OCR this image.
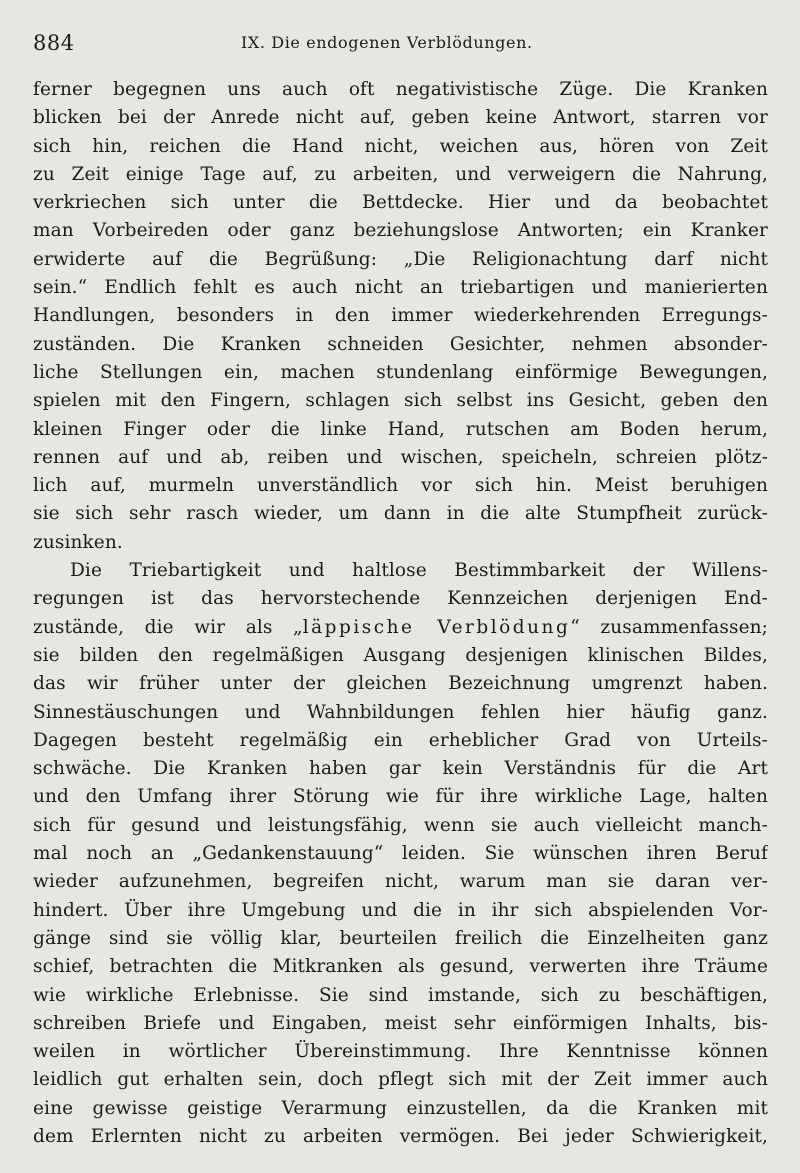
884	IX. Die endogenen Verblödungen.
ferner begegnen uns auch oft negativistische Züge. Die Kranken
blicken bei der Anrede nicht auf, geben keine Antwort, starren vor
sich hin, reichen die Hand nicht, weichen aus, hören von Zeit
zu Zeit einige Tage auf, zu arbeiten, und verweigern die Nahrung,
verkriechen sich unter die Bettdecke. Hier und da beobachtet
man Vorbeireden oder ganz beziehungslose Antworten; ein Kranker
erwiderte auf die Begrüßung: „Die Religionachtung darf nicht
sein.“ Endlich fehlt es auch nicht an triebartigen und manierierten
Handlungen, besonders in den immer wiederkehrenden Erregungs-
zuständen. Die Kranken schneiden Gesichter, nehmen absonder-
liche Stellungen ein, machen stundenlang einförmige Bewegungen,
spielen mit den Fingern, schlagen sich selbst ins Gesicht, geben den
kleinen Finger oder die linke Hand, rutschen am Boden herum,
rennen auf und ab, reiben und wischen, speicheln, schreien plötz-
lich auf, murmeln unverständlich vor sich hin. Meist beruhigen
sie sich sehr rasch wieder, um dann in die alte Stumpfheit zurück-
zusinken.
Die Triebartigkeit und haltlose Bestimmbarkeit der Willens-
regungen ist das hervorstechende Kennzeichen derjenigen End-
zustände, die wir als „läppische Verblödung“ zusammenfassen;
sie bilden den regelmäßigen Ausgang desjenigen klinischen Bildes,
das wir früher unter der gleichen Bezeichnung umgrenzt haben.
Sinnestäuschungen und Wahnbildungen fehlen hier häufig ganz.
Dagegen besteht regelmäßig ein erheblicher Grad von Urteils-
schwäche. Die Kranken haben gar kein Verständnis für die Art
und den Umfang ihrer Störung wie für ihre wirkliche Lage, halten
sich für gesund und leistungsfähig, wenn sie auch vielleicht manch-
mal noch an „Gedankenstauung“ leiden. Sie wünschen ihren Beruf
wieder aufzunehmen, begreifen nicht, warum man sie daran ver-
hindert. Über ihre Umgebung und die in ihr sich abspielenden Vor-
gänge sind sie völlig klar, beurteilen freilich die Einzelheiten ganz
schief, betrachten die Mitkranken als gesund, verwerten ihre Träume
wie wirkliche Erlebnisse. Sie sind imstande, sich zu beschäftigen,
schreiben Briefe und Eingaben, meist sehr einförmigen Inhalts, bis-
weilen in wörtlicher Übereinstimmung. Ihre Kenntnisse können
leidlich gut erhalten sein, doch pflegt sich mit der Zeit immer auch
eine gewisse geistige Verarmung einzustellen, da die Kranken mit
dem Erlernten nicht zu arbeiten vermögen. Bei jeder Schwierigkeit,
